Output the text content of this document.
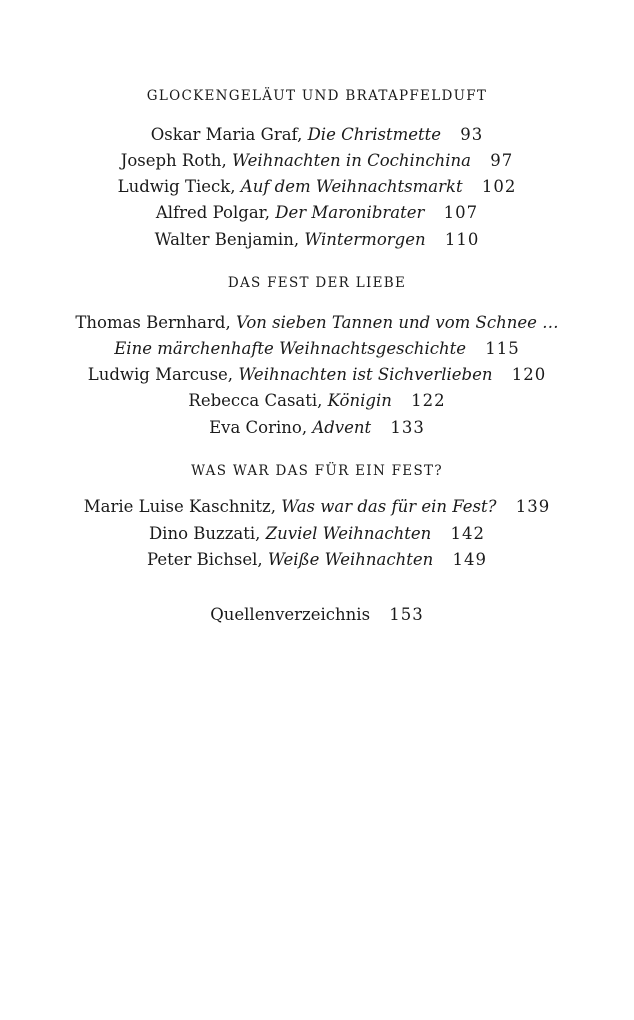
GLOCKENGELÄUT UND BRATAPFELDUFT
Oskar Maria Graf, Die Christmette 93
Joseph Roth, Weihnachten in Cochinchina 97
Ludwig Tieck, Auf dem Weihnachtsmarkt 102
Alfred Polgar, Der Maronibrater 107
Walter Benjamin, Wintermorgen 110
DAS FEST DER LIEBE
Thomas Bernhard, Von sieben Tannen und vom Schnee …
Eine märchenhafte Weihnachtsgeschichte 115
Ludwig Marcuse, Weihnachten ist Sichverlieben 120
Rebecca Casati, Königin 122
Eva Corino, Advent 133
WAS WAR DAS FÜR EIN FEST?
Marie Luise Kaschnitz, Was war das für ein Fest? 139
Dino Buzzati, Zuviel Weihnachten 142
Peter Bichsel, Weiße Weihnachten 149
Quellenverzeichnis 153
